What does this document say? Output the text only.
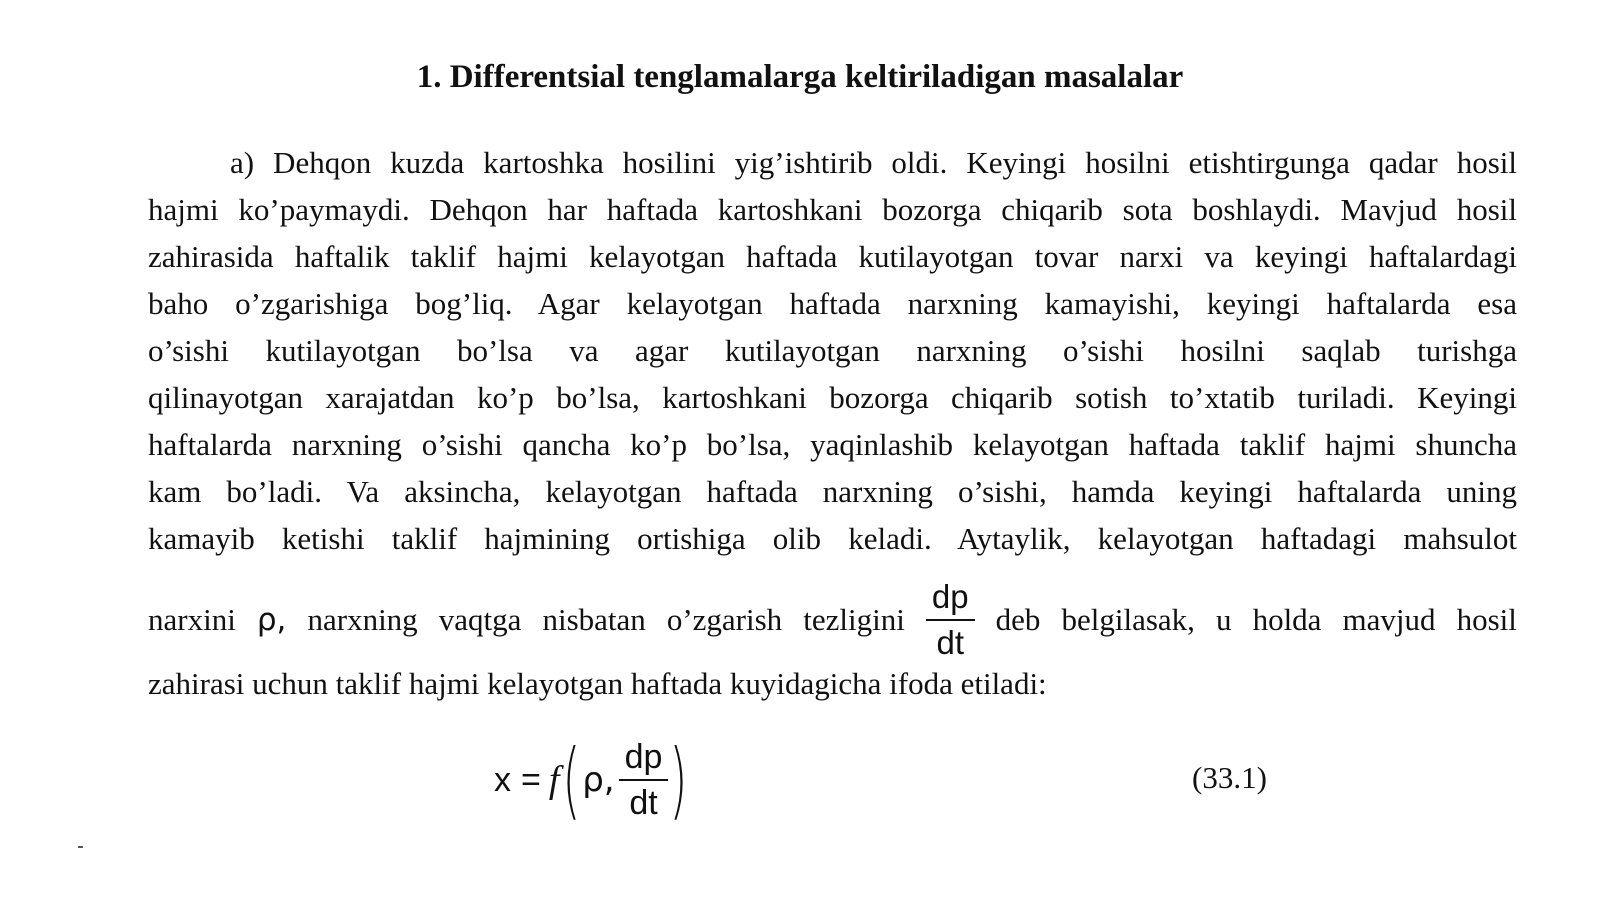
1. Differentsial tenglamalarga keltiriladigan masalalar
a) Dehqon kuzda kartoshka hosilini yig’ishtirib oldi. Keyingi hosilni etishtirgunga qadar hosil
hajmi ko’paymaydi. Dehqon har haftada kartoshkani bozorga chiqarib sota boshlaydi. Mavjud hosil
zahirasida haftalik taklif hajmi kelayotgan haftada kutilayotgan tovar narxi va keyingi haftalardagi
baho o’zgarishiga bog’liq. Agar kelayotgan haftada narxning kamayishi, keyingi haftalarda esa
o’sishi kutilayotgan bo’lsa va agar kutilayotgan narxning o’sishi hosilni saqlab turishga
qilinayotgan xarajatdan ko’p bo’lsa, kartoshkani bozorga chiqarib sotish to’xtatib turiladi. Keyingi
haftalarda narxning o’sishi qancha ko’p bo’lsa, yaqinlashib kelayotgan haftada taklif hajmi shuncha
kam bo’ladi. Va aksincha, kelayotgan haftada narxning o’sishi, hamda keyingi haftalarda uning
kamayib ketishi taklif hajmining ortishiga olib keladi. Aytaylik, kelayotgan haftadagi mahsulot
narxini ρ, narxning vaqtga nisbatan o’zgarish tezligini $\frac{dp}{dt}$ deb belgilasak, u holda mavjud hosil
zahirasi uchun taklif hajmi kelayotgan haftada kuyidagicha ifoda etiladi:
x = f ( ρ, $\frac{dp}{dt}$ )	(33.1)
